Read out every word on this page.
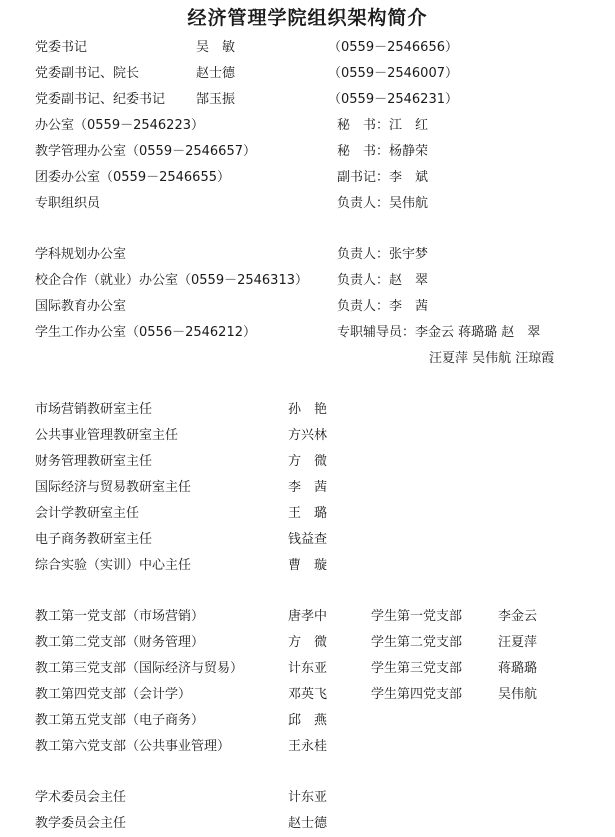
经济管理学院组织架构简介
党委书记	吴　敏	（0559－2546656）
党委副书记、院长	赵士德	（0559－2546007）
党委副书记、纪委书记 郜玉振	（0559－2546231）
办公室（0559－2546223）	秘　书：江　红
教学管理办公室（0559－2546657）	秘　书：杨静荣
团委办公室（0559－2546655）	副书记：李　斌
专职组织员	负责人：吴伟航
学科规划办公室	负责人：张宇梦
校企合作（就业）办公室（0559－2546313） 负责人：赵　翠
国际教育办公室	负责人：李　茜
学生工作办公室（0556－2546212）	专职辅导员：李金云 蒋璐璐 赵　翠
汪夏萍 吴伟航 汪琼霞
市场营销教研室主任	孙　艳
公共事业管理教研室主任	方兴林
财务管理教研室主任	方　微
国际经济与贸易教研室主任	李　茜
会计学教研室主任	王　璐
电子商务教研室主任	钱益查
综合实验（实训）中心主任	曹　璇
教工第一党支部（市场营销）	唐孝中	学生第一党支部	李金云
教工第二党支部（财务管理）	方　微	学生第二党支部	汪夏萍
教工第三党支部（国际经济与贸易）	计东亚	学生第三党支部	蒋璐璐
教工第四党支部（会计学）	邓英飞	学生第四党支部	吴伟航
教工第五党支部（电子商务）	邱　燕
教工第六党支部（公共事业管理）	王永桂
学术委员会主任	计东亚
教学委员会主任	赵士德
